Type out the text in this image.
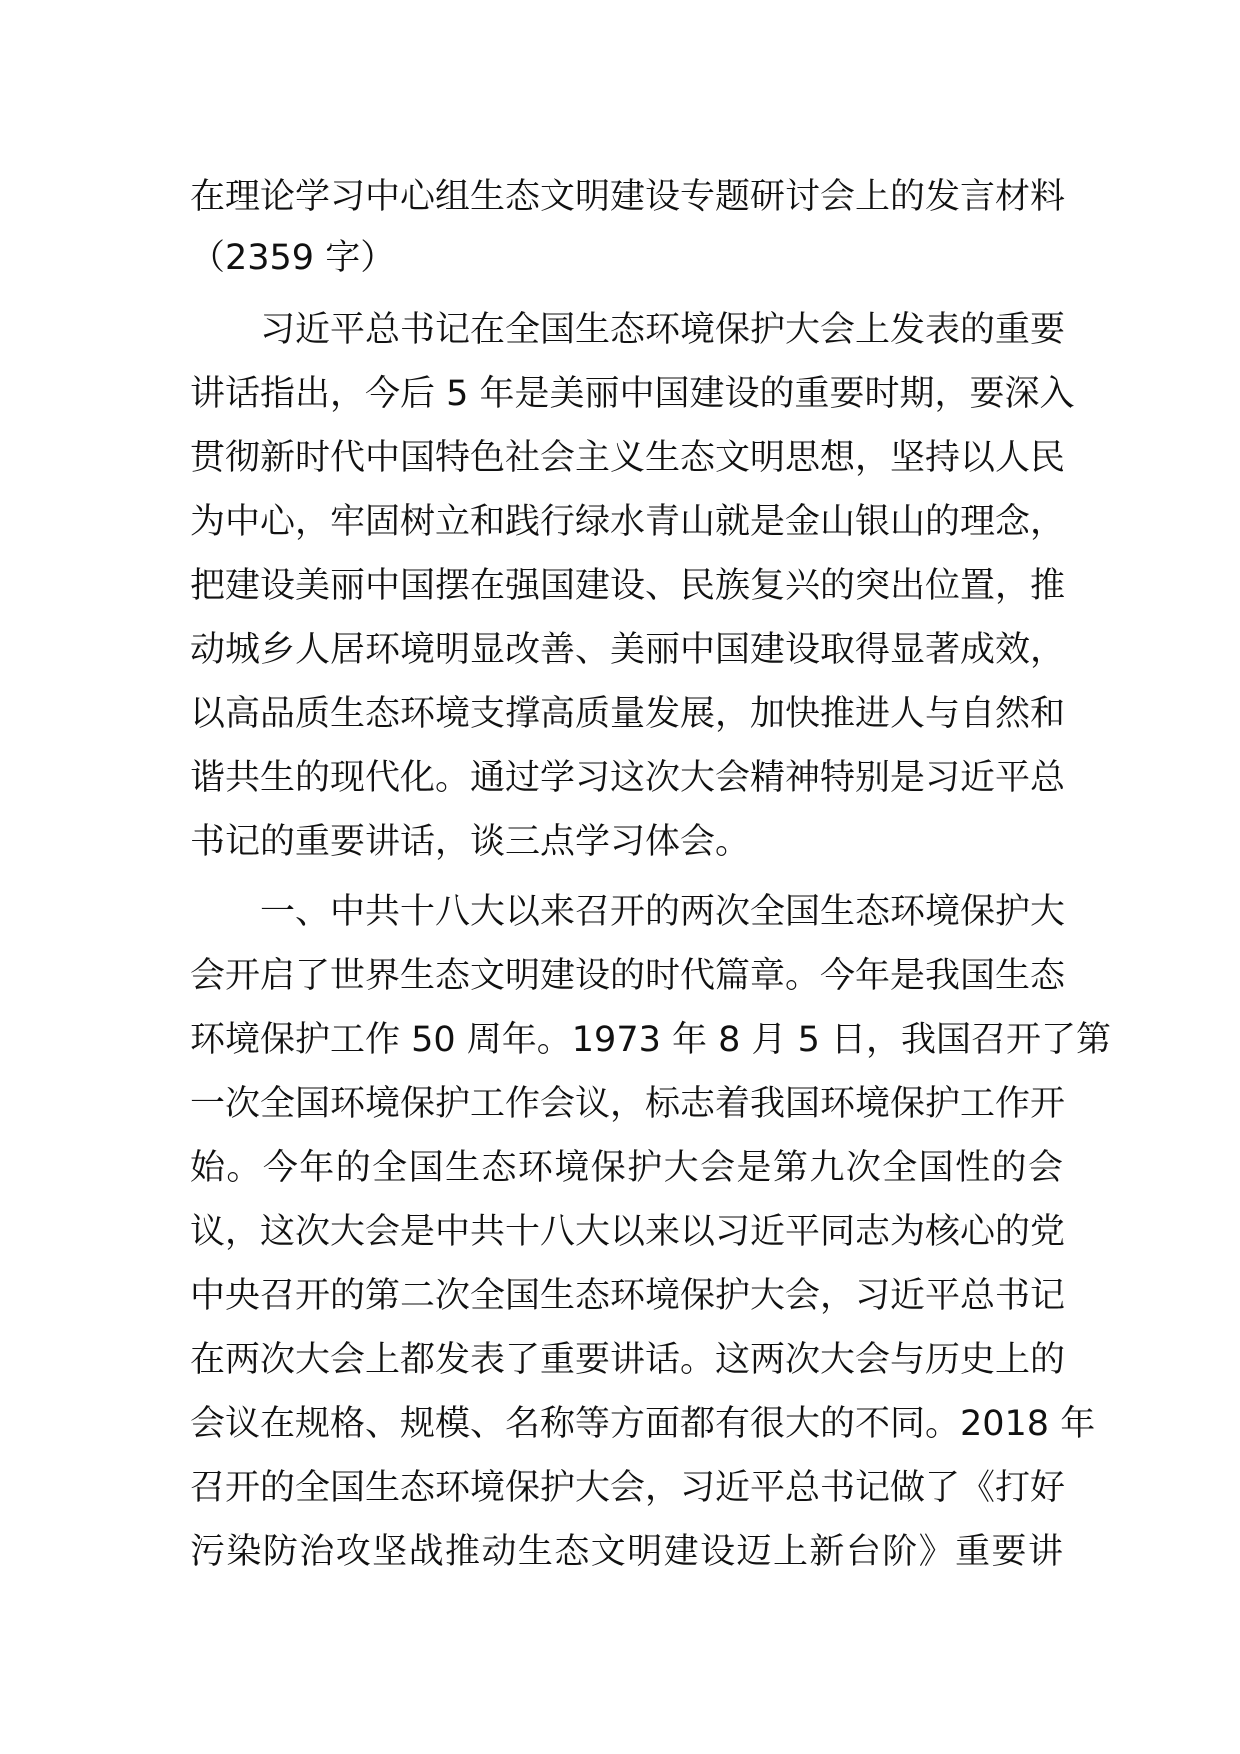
在理论学习中心组生态文明建设专题研讨会上的发言材料
（2359 字）
习近平总书记在全国生态环境保护大会上发表的重要
讲话指出，今后 5 年是美丽中国建设的重要时期，要深入
贯彻新时代中国特色社会主义生态文明思想，坚持以人民
为中心，牢固树立和践行绿水青山就是金山银山的理念，
把建设美丽中国摆在强国建设、民族复兴的突出位置，推
动城乡人居环境明显改善、美丽中国建设取得显著成效，
以高品质生态环境支撑高质量发展，加快推进人与自然和
谐共生的现代化。通过学习这次大会精神特别是习近平总
书记的重要讲话，谈三点学习体会。
一、中共十八大以来召开的两次全国生态环境保护大
会开启了世界生态文明建设的时代篇章。今年是我国生态
环境保护工作 50 周年。1973 年 8 月 5 日，我国召开了第
一次全国环境保护工作会议，标志着我国环境保护工作开
始。今年的全国生态环境保护大会是第九次全国性的会
议，这次大会是中共十八大以来以习近平同志为核心的党
中央召开的第二次全国生态环境保护大会，习近平总书记
在两次大会上都发表了重要讲话。这两次大会与历史上的
会议在规格、规模、名称等方面都有很大的不同。2018 年
召开的全国生态环境保护大会，习近平总书记做了《打好
污染防治攻坚战推动生态文明建设迈上新台阶》重要讲
